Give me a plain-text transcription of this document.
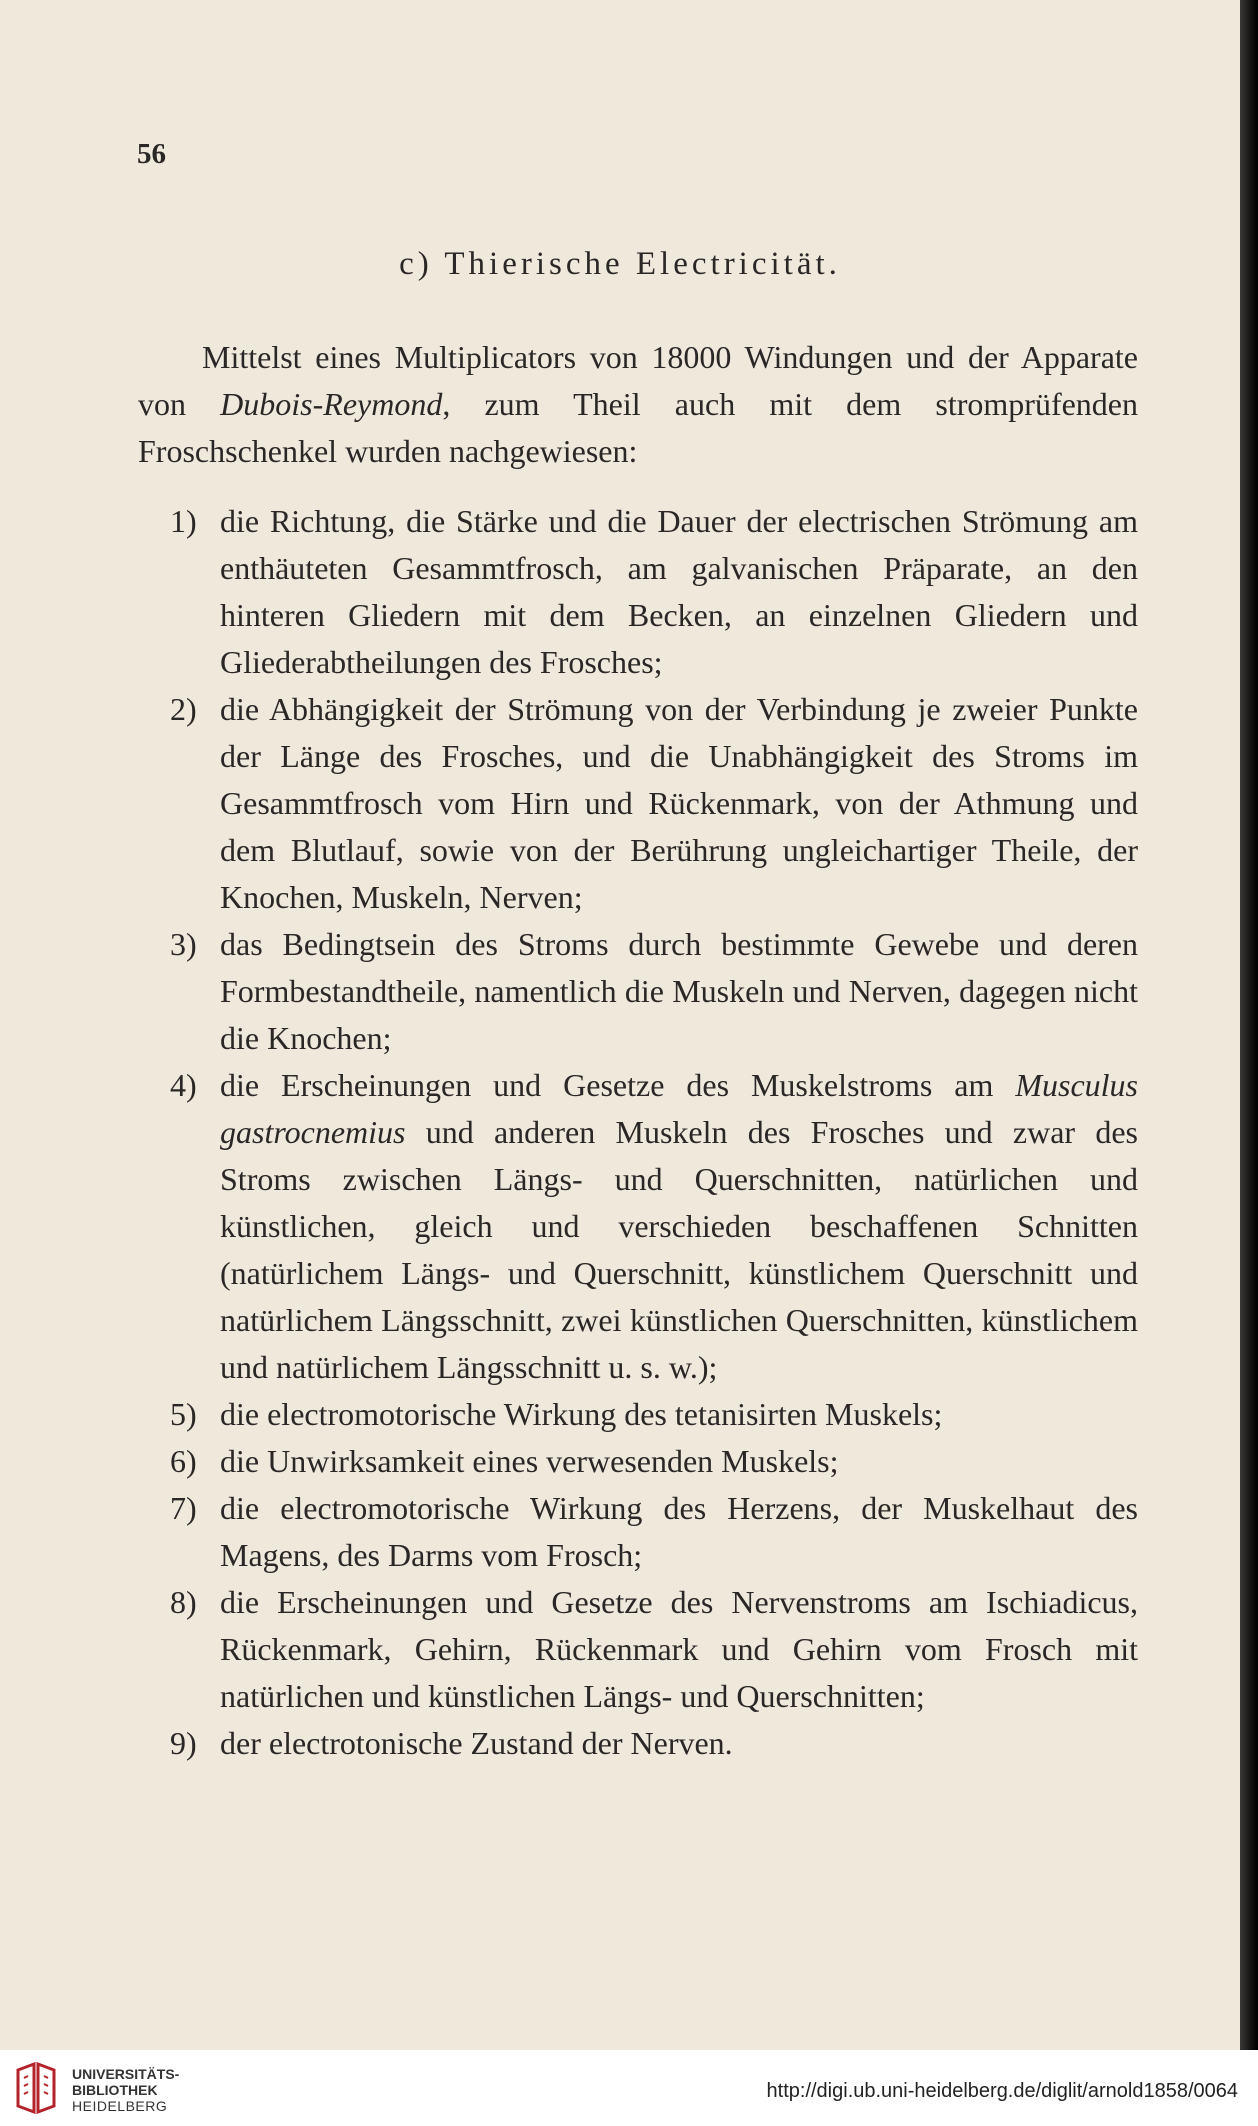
56
c) Thierische Electricität.

Mittelst eines Multiplicators von 18000 Windungen und der Apparate von Dubois-Reymond, zum Theil auch mit dem stromprüfenden Froschschenkel wurden nachgewiesen:

1) die Richtung, die Stärke und die Dauer der electrischen Strömung am enthäuteten Gesammtfrosch, am galvanischen Präparate, an den hinteren Gliedern mit dem Becken, an einzelnen Gliedern und Gliederabtheilungen des Frosches;
2) die Abhängigkeit der Strömung von der Verbindung je zweier Punkte der Länge des Frosches, und die Unabhängigkeit des Stroms im Gesammtfrosch vom Hirn und Rückenmark, von der Athmung und dem Blutlauf, sowie von der Berührung ungleichartiger Theile, der Knochen, Muskeln, Nerven;
3) das Bedingtsein des Stroms durch bestimmte Gewebe und deren Formbestandtheile, namentlich die Muskeln und Nerven, dagegen nicht die Knochen;
4) die Erscheinungen und Gesetze des Muskelstroms am Musculus gastrocnemius und anderen Muskeln des Frosches und zwar des Stroms zwischen Längs- und Querschnitten, natürlichen und künstlichen, gleich und verschieden beschaffenen Schnitten (natürlichem Längs- und Querschnitt, künstlichem Querschnitt und natürlichem Längsschnitt, zwei künstlichen Querschnitten, künstlichem und natürlichem Längsschnitt u. s. w.);
5) die electromotorische Wirkung des tetanisirten Muskels;
6) die Unwirksamkeit eines verwesenden Muskels;
7) die electromotorische Wirkung des Herzens, der Muskelhaut des Magens, des Darms vom Frosch;
8) die Erscheinungen und Gesetze des Nervenstroms am Ischiadicus, Rückenmark, Gehirn, Rückenmark und Gehirn vom Frosch mit natürlichen und künstlichen Längs- und Querschnitten;
9) der electrotonische Zustand der Nerven.
UNIVERSITÄTS-
BIBLIOTHEK
HEIDELBERG
http://digi.ub.uni-heidelberg.de/diglit/arnold1858/0064
